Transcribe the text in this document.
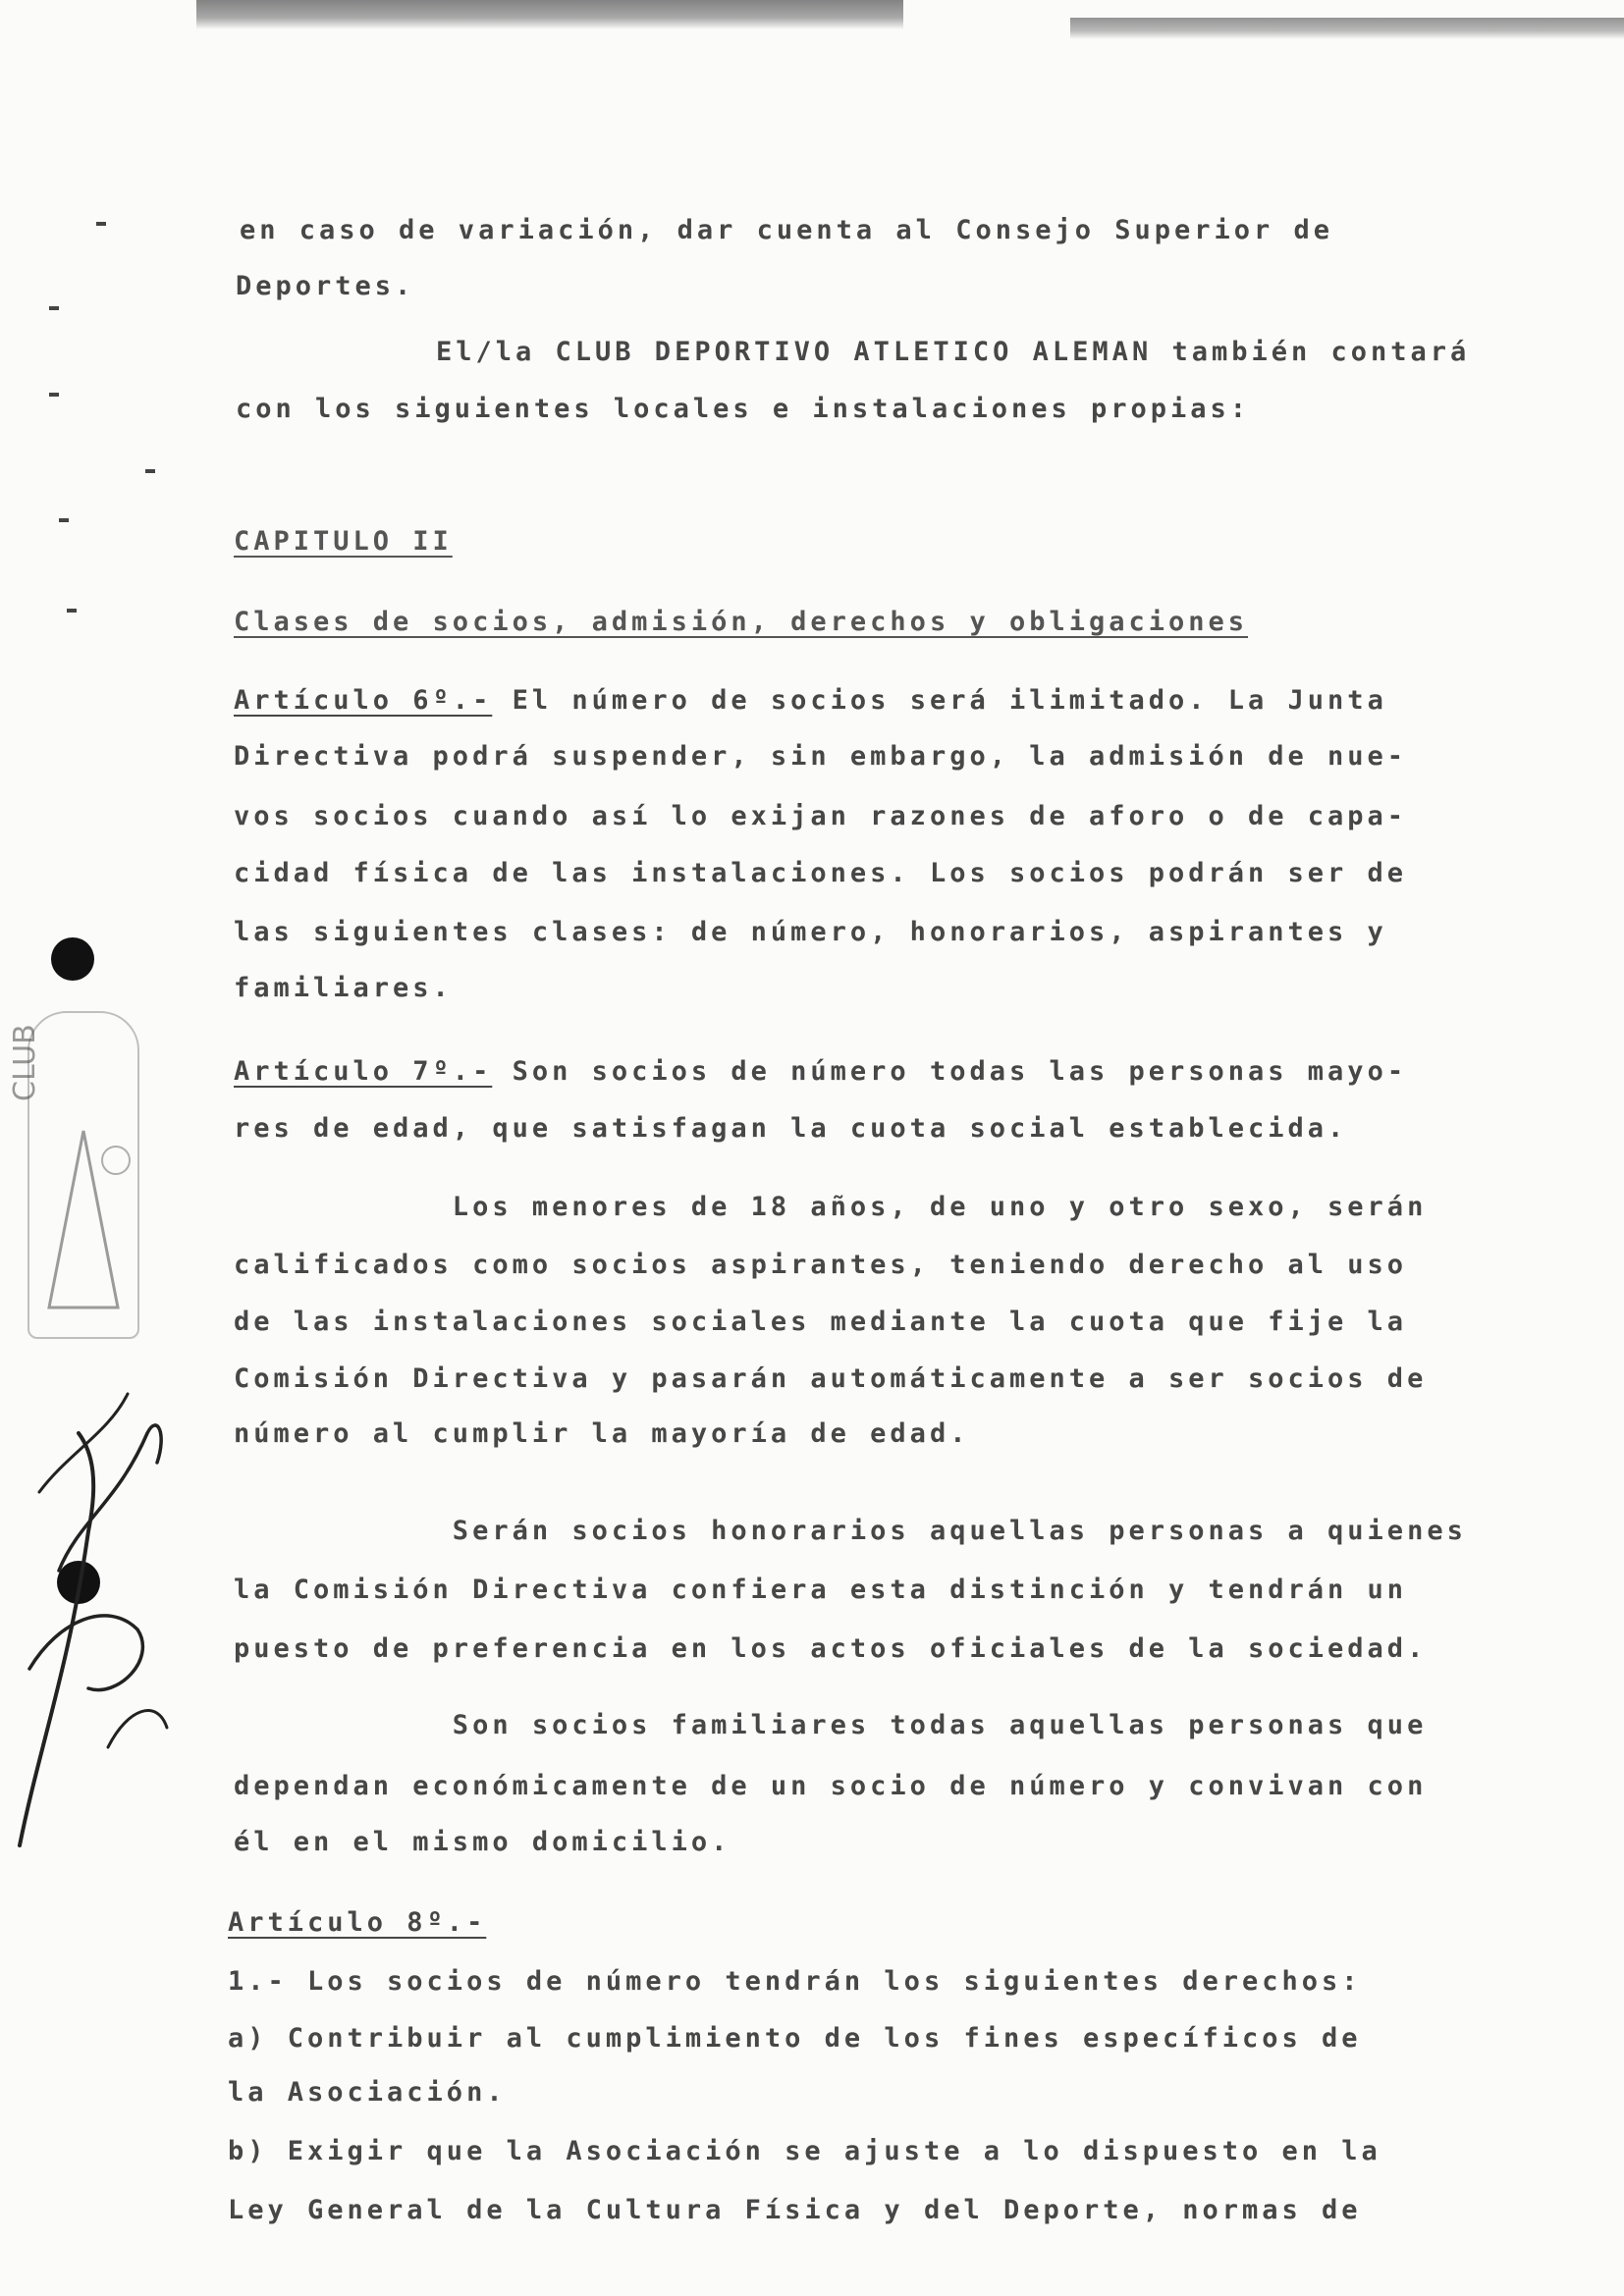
en caso de variación, dar cuenta al Consejo Superior de

Deportes.

El/la CLUB DEPORTIVO ATLETICO ALEMAN también contará

con los siguientes locales e instalaciones propias:

CAPITULO II

Clases de socios, admisión, derechos y obligaciones

Artículo 6º.- El número de socios será ilimitado. La Junta

Directiva podrá suspender, sin embargo, la admisión de nue-

vos socios cuando así lo exijan razones de aforo o de capa-

cidad física de las instalaciones. Los socios podrán ser de

las siguientes clases: de número, honorarios, aspirantes y

familiares.

Artículo 7º.- Son socios de número todas las personas mayo-

res de edad, que satisfagan la cuota social establecida.

Los menores de 18 años, de uno y otro sexo, serán

calificados como socios aspirantes, teniendo derecho al uso

de las instalaciones sociales mediante la cuota que fije la

Comisión Directiva y pasarán automáticamente a ser socios de

número al cumplir la mayoría de edad.

Serán socios honorarios aquellas personas a quienes

la Comisión Directiva confiera esta distinción y tendrán un

puesto de preferencia en los actos oficiales de la sociedad.

Son socios familiares todas aquellas personas que

dependan económicamente de un socio de número y convivan con

él en el mismo domicilio.

Artículo 8º.-

1.- Los socios de número tendrán los siguientes derechos:

a) Contribuir al cumplimiento de los fines específicos de

la Asociación.

b) Exigir que la Asociación se ajuste a lo dispuesto en la

Ley General de la Cultura Física y del Deporte, normas de

CLUB
